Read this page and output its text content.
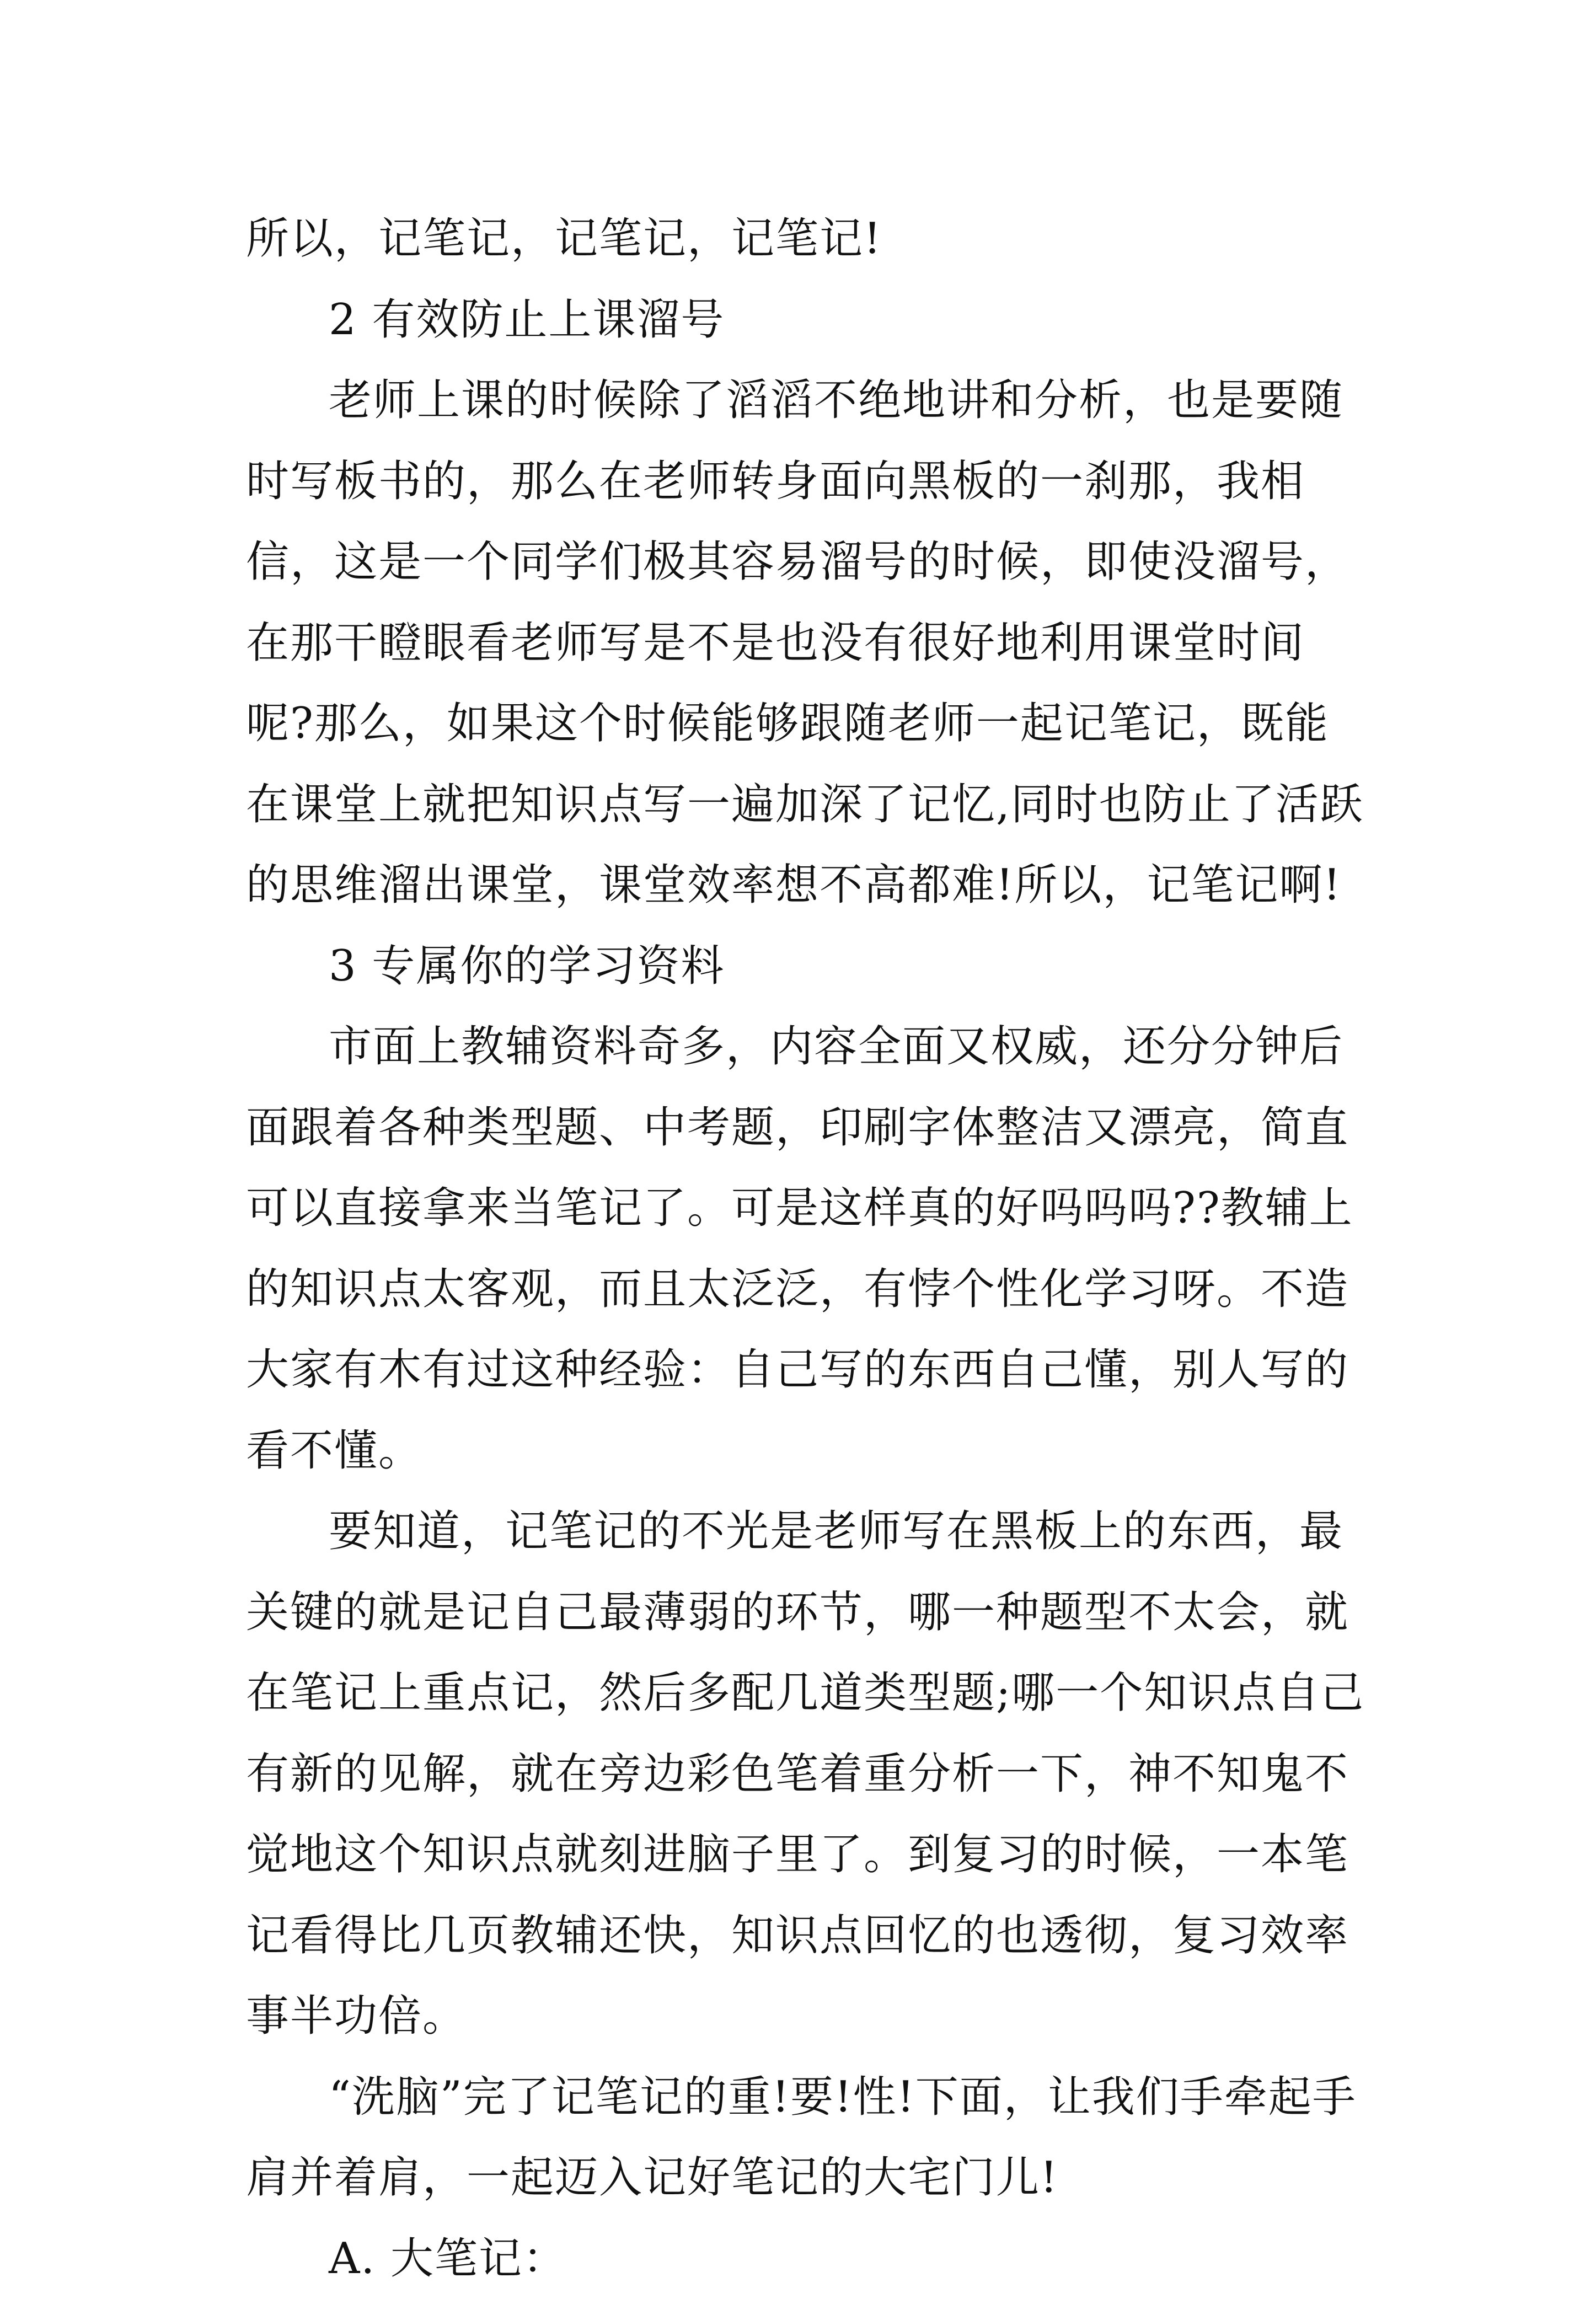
所以，记笔记，记笔记，记笔记!

2 有效防止上课溜号

老师上课的时候除了滔滔不绝地讲和分析，也是要随时写板书的，那么在老师转身面向黑板的一刹那，我相信，这是一个同学们极其容易溜号的时候，即使没溜号，在那干瞪眼看老师写是不是也没有很好地利用课堂时间呢?那么，如果这个时候能够跟随老师一起记笔记，既能在课堂上就把知识点写一遍加深了记忆,同时也防止了活跃的思维溜出课堂，课堂效率想不高都难!所以，记笔记啊!

3 专属你的学习资料

市面上教辅资料奇多，内容全面又权威，还分分钟后面跟着各种类型题、中考题，印刷字体整洁又漂亮，简直可以直接拿来当笔记了。可是这样真的好吗吗吗??教辅上的知识点太客观，而且太泛泛，有悖个性化学习呀。不造大家有木有过这种经验：自己写的东西自己懂，别人写的看不懂。

要知道，记笔记的不光是老师写在黑板上的东西，最关键的就是记自己最薄弱的环节，哪一种题型不太会，就在笔记上重点记，然后多配几道类型题;哪一个知识点自己有新的见解，就在旁边彩色笔着重分析一下，神不知鬼不觉地这个知识点就刻进脑子里了。到复习的时候，一本笔记看得比几页教辅还快，知识点回忆的也透彻，复习效率事半功倍。

“洗脑”完了记笔记的重!要!性!下面，让我们手牵起手肩并着肩，一起迈入记好笔记的大宅门儿!

A. 大笔记：
